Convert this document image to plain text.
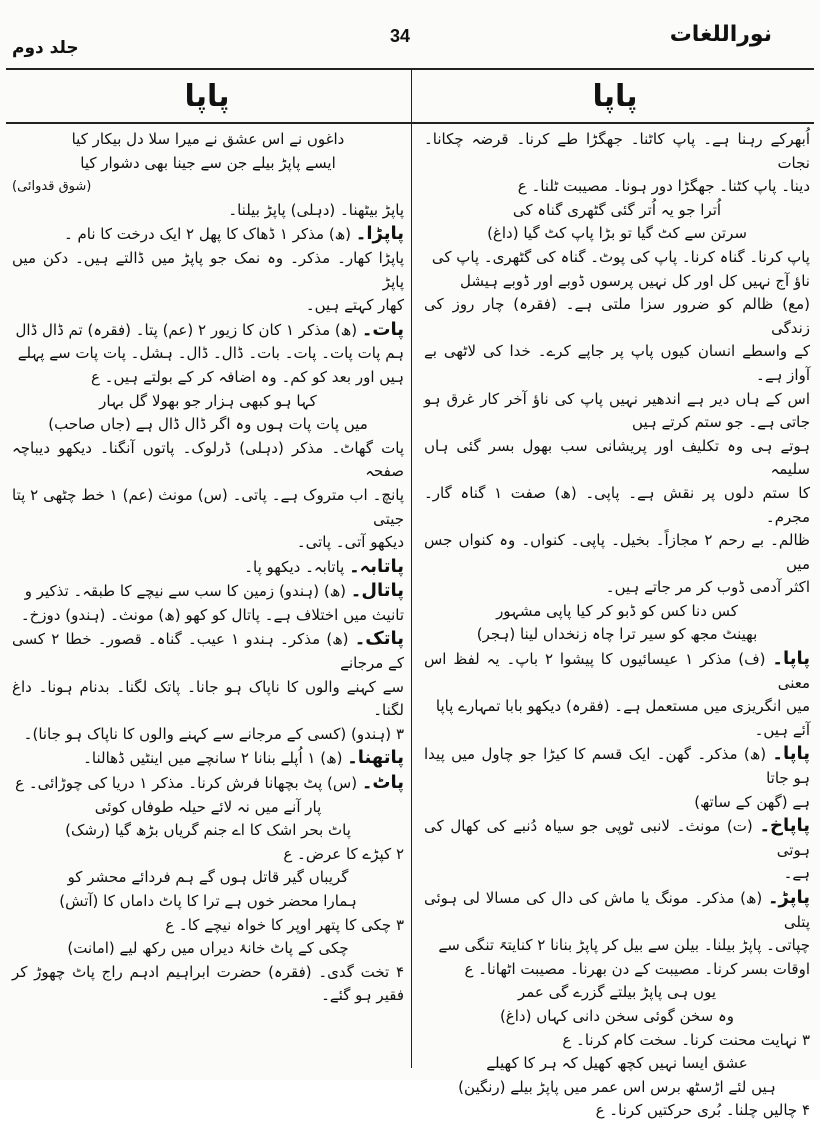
نوراللغات
34
جلد دوم
پاپا
پاپا

اُبھرکے رہنا ہے۔ پاپ کاٹنا۔ جھگڑا طے کرنا۔ قرضہ چکانا۔ نجات

دینا۔ پاپ کٹنا۔ جھگڑا دور ہونا۔ مصیبت ٹلنا۔ ع

اُترا جو یہ اُتر گئی گٹھری گناہ کی

سرتن سے کٹ گیا تو بڑا پاپ کٹ گیا (داغ)

پاپ کرنا۔ گناہ کرنا۔ پاپ کی پوٹ۔ گناہ کی گٹھری۔ پاپ کی

ناؤ آج نہیں کل اور کل نہیں پرسوں ڈوبے اور ڈوبے ہیشل

(مع) ظالم کو ضرور سزا ملتی ہے۔ (فقرہ) چار روز کی زندگی

کے واسطے انسان کیوں پاپ پر جاپے کرے۔ خدا کی لاٹھی بے آواز ہے۔

اس کے ہاں دیر ہے اندھیر نہیں پاپ کی ناؤ آخر کار غرق ہو جاتی ہے۔ جو ستم کرتے ہیں

ہوتے ہی وہ تکلیف اور پریشانی سب بھول بسر گئی ہاں سلیمہ

کا ستم دلوں پر نقش ہے۔ پاپی۔ (ھ) صفت ۱ گناہ گار۔ مجرم۔

ظالم۔ بے رحم ۲ مجازاً۔ بخیل۔ پاپی۔ کنواں۔ وہ کنواں جس میں

اکثر آدمی ڈوب کر مر جاتے ہیں۔

کس دنا کس کو ڈبو کر کیا پاپی مشہور

بھینٹ مجھ کو سیر ترا چاہ زنخداں لینا (ہجر)

پاپا۔ (ف) مذکر ۱ عیسائیوں کا پیشوا ۲ باپ۔ یہ لفظ اس معنی

میں انگریزی میں مستعمل ہے۔ (فقرہ) دیکھو بابا تمہارے پاپا

آئے ہیں۔

پاپا۔ (ھ) مذکر۔ گھن۔ ایک قسم کا کیڑا جو چاول میں پیدا ہو جاتا

ہے (گھن کے ساتھ)

پاپاخ۔ (ت) مونث۔ لانبی ٹوپی جو سیاہ دُنبے کی کھال کی ہوتی

ہے۔

پاپڑ۔ (ھ) مذکر۔ مونگ یا ماش کی دال کی مسالا لی ہوئی پتلی

چپاتی۔ پاپڑ بیلنا۔ بیلن سے بیل کر پاپڑ بنانا ۲ کنایتہً تنگی سے

اوقات بسر کرنا۔ مصیبت کے دن بھرنا۔ مصیبت اٹھانا۔ ع

یوں ہی پاپڑ بیلتے گزرے گی عمر

وہ سخن گوئی سخن دانی کہاں (داغ)

۳ نہایت محنت کرنا۔ سخت کام کرنا۔ ع

عشق ایسا نہیں کچھ کھیل کہ ہر کا کھیلے

ہیں لئے اڑسٹھ برس اس عمر میں پاپڑ بیلے (رنگین)

۴ چالیں چلنا۔ بُری حرکتیں کرنا۔ ع

داغوں نے اس عشق نے میرا سلا دل بیکار کیا

ایسے پاپڑ بیلے جن سے جینا بھی دشوار کیا

(شوق قدوائی)

پاپڑ بیٹھنا۔ (دہلی) پاپڑ بیلنا۔

پاپڑا۔ (ھ) مذکر ۱ ڈھاک کا پھل ۲ ایک درخت کا نام ۔

پاپڑا کھار۔ مذکر۔ وہ نمک جو پاپڑ میں ڈالتے ہیں۔ دکن میں پاپڑ

کھار کہتے ہیں۔

پات۔ (ھ) مذکر ۱ کان کا زیور ۲ (عم) پتا۔ (فقرہ) تم ڈال ڈال

ہم پات پات۔ پات۔ بات۔ ڈال۔ ڈال۔ ہشل۔ پات پات سے پہلے

ہیں اور بعد کو کم۔ وہ اضافہ کر کے بولتے ہیں۔ ع

کہا ہو کبھی ہزار جو بھولا گل بہار

میں پات پات ہوں وہ اگر ڈال ڈال ہے (جاں صاحب)

پات گھاٹ۔ مذکر (دہلی) ڈرلوک۔ پاتوں آنگنا۔ دیکھو دیباچہ صفحہ

پانچ۔ اب متروک ہے۔ پاتی۔ (س) مونث (عم) ۱ خط چٹھی ۲ پتا جیتی

دیکھو آتی۔ پاتی۔

پاتابہ۔ پاتابہ۔ دیکھو پا۔

پاتال۔ (ھ) (ہندو) زمین کا سب سے نیچے کا طبقہ۔ تذکیر و

تانیث میں اختلاف ہے۔ پاتال کو کھو (ھ) مونث۔ (ہندو) دوزخ۔

پاتک۔ (ھ) مذکر۔ ہندو ۱ عیب۔ گناہ۔ قصور۔ خطا ۲ کسی کے مرجانے

سے کہنے والوں کا ناپاک ہو جانا۔ پاتک لگنا۔ بدنام ہونا۔ داغ لگنا۔

۳ (ہندو) (کسی کے مرجانے سے کہنے والوں کا ناپاک ہو جانا)۔

پاتھنا۔ (ھ) ۱ اُپلے بنانا ۲ سانچے میں اینٹیں ڈھالنا۔

پاٹ۔ (س) پٹ بچھانا فرش کرنا۔ مذکر ۱ دریا کی چوڑائی۔ ع

پار آنے میں نہ لائے حیلہ طوفاں کوئی

پاٹ بحر اشک کا اے جنم گریاں بڑھ گیا (رشک)

۲ کپڑے کا عرض۔ ع

گریباں گیر قاتل ہوں گے ہم فردائے محشر کو

ہمارا محضر خوں ہے ترا کا پاٹ داماں کا (آتش)

۳ چکی کا پتھر اوپر کا خواہ نیچے کا۔ ع

چکی کے پاٹ خانۂ دیراں میں رکھ لیے (امانت)

۴ تخت گدی۔ (فقرہ) حضرت ابراہیم ادہم راج پاٹ چھوڑ کر فقیر ہو گئے۔
